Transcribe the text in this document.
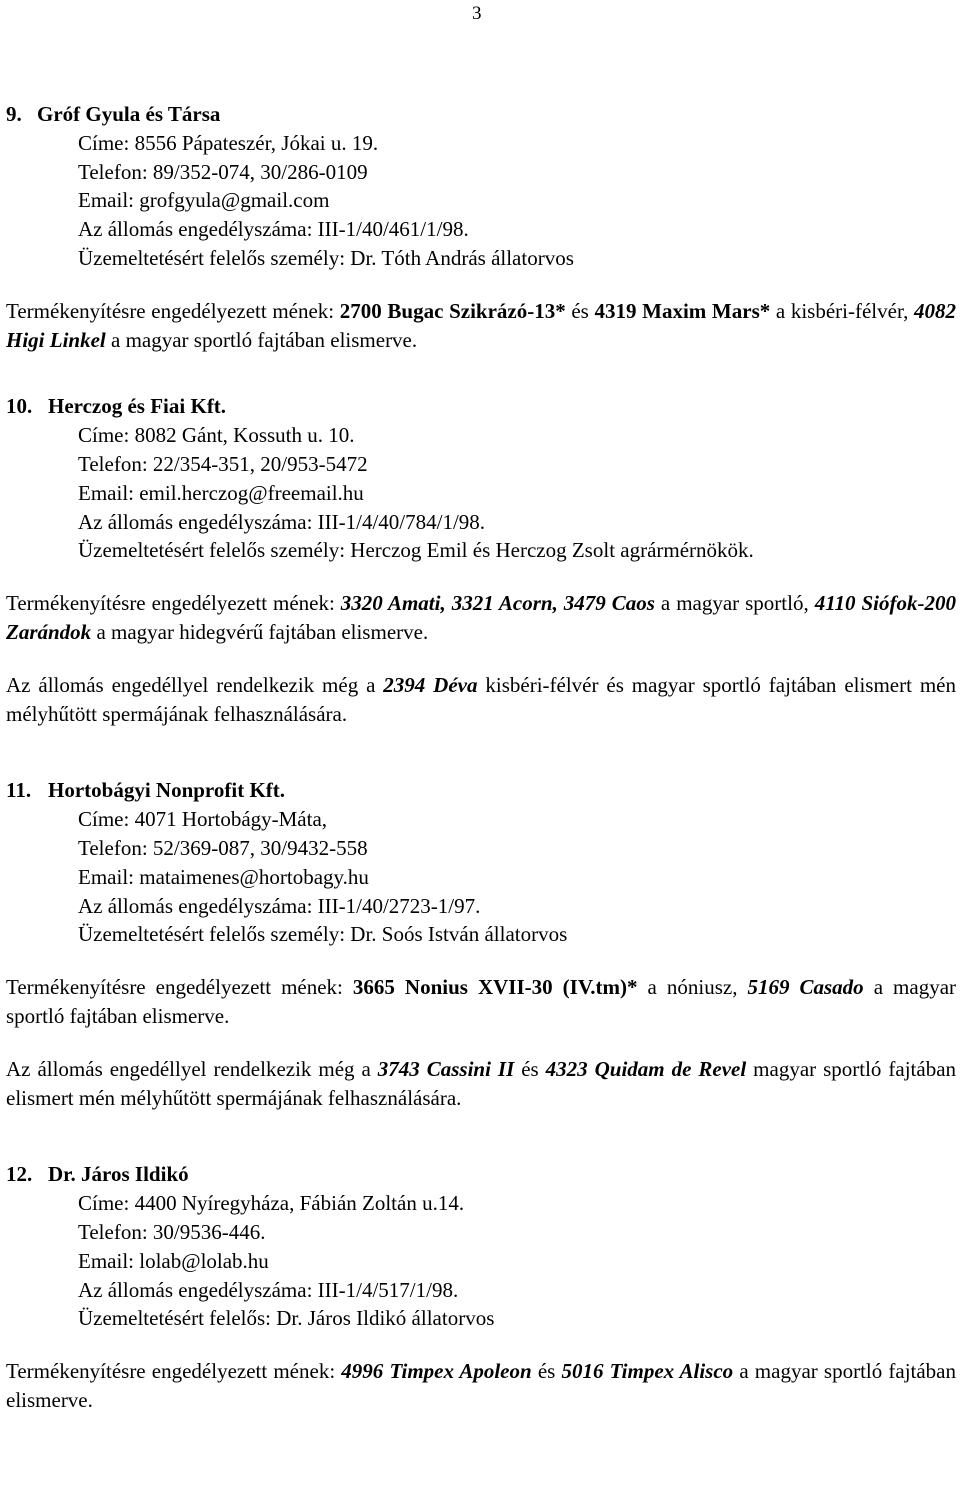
3
9. Gróf Gyula és Társa
Címe: 8556 Pápateszér, Jókai u. 19.
Telefon: 89/352-074, 30/286-0109
Email: grofgyula@gmail.com
Az állomás engedélyszáma: III-1/40/461/1/98.
Üzemeltetésért felelős személy: Dr. Tóth András állatorvos

Termékenyítésre engedélyezett mének: 2700 Bugac Szikrázó-13* és 4319 Maxim Mars* a kisbéri-félvér, 4082 Higi Linkel a magyar sportló fajtában elismerve.

10. Herczog és Fiai Kft.
Címe: 8082 Gánt, Kossuth u. 10.
Telefon: 22/354-351, 20/953-5472
Email: emil.herczog@freemail.hu
Az állomás engedélyszáma: III-1/4/40/784/1/98.
Üzemeltetésért felelős személy: Herczog Emil és Herczog Zsolt agrármérnökök.

Termékenyítésre engedélyezett mének: 3320 Amati, 3321 Acorn, 3479 Caos a magyar sportló, 4110 Siófok-200 Zarándok a magyar hidegvérű fajtában elismerve.

Az állomás engedéllyel rendelkezik még a 2394 Déva kisbéri-félvér és magyar sportló fajtában elismert mén mélyhűtött spermájának felhasználására.

11. Hortobágyi Nonprofit Kft.
Címe: 4071 Hortobágy-Máta,
Telefon: 52/369-087, 30/9432-558
Email: mataimenes@hortobagy.hu
Az állomás engedélyszáma: III-1/40/2723-1/97.
Üzemeltetésért felelős személy: Dr. Soós István állatorvos

Termékenyítésre engedélyezett mének: 3665 Nonius XVII-30 (IV.tm)* a nóniusz, 5169 Casado a magyar sportló fajtában elismerve.

Az állomás engedéllyel rendelkezik még a 3743 Cassini II és 4323 Quidam de Revel magyar sportló fajtában elismert mén mélyhűtött spermájának felhasználására.

12. Dr. Járos Ildikó
Címe: 4400 Nyíregyháza, Fábián Zoltán u.14.
Telefon: 30/9536-446.
Email: lolab@lolab.hu
Az állomás engedélyszáma: III-1/4/517/1/98.
Üzemeltetésért felelős: Dr. Járos Ildikó állatorvos

Termékenyítésre engedélyezett mének: 4996 Timpex Apoleon és 5016 Timpex Alisco a magyar sportló fajtában elismerve.
